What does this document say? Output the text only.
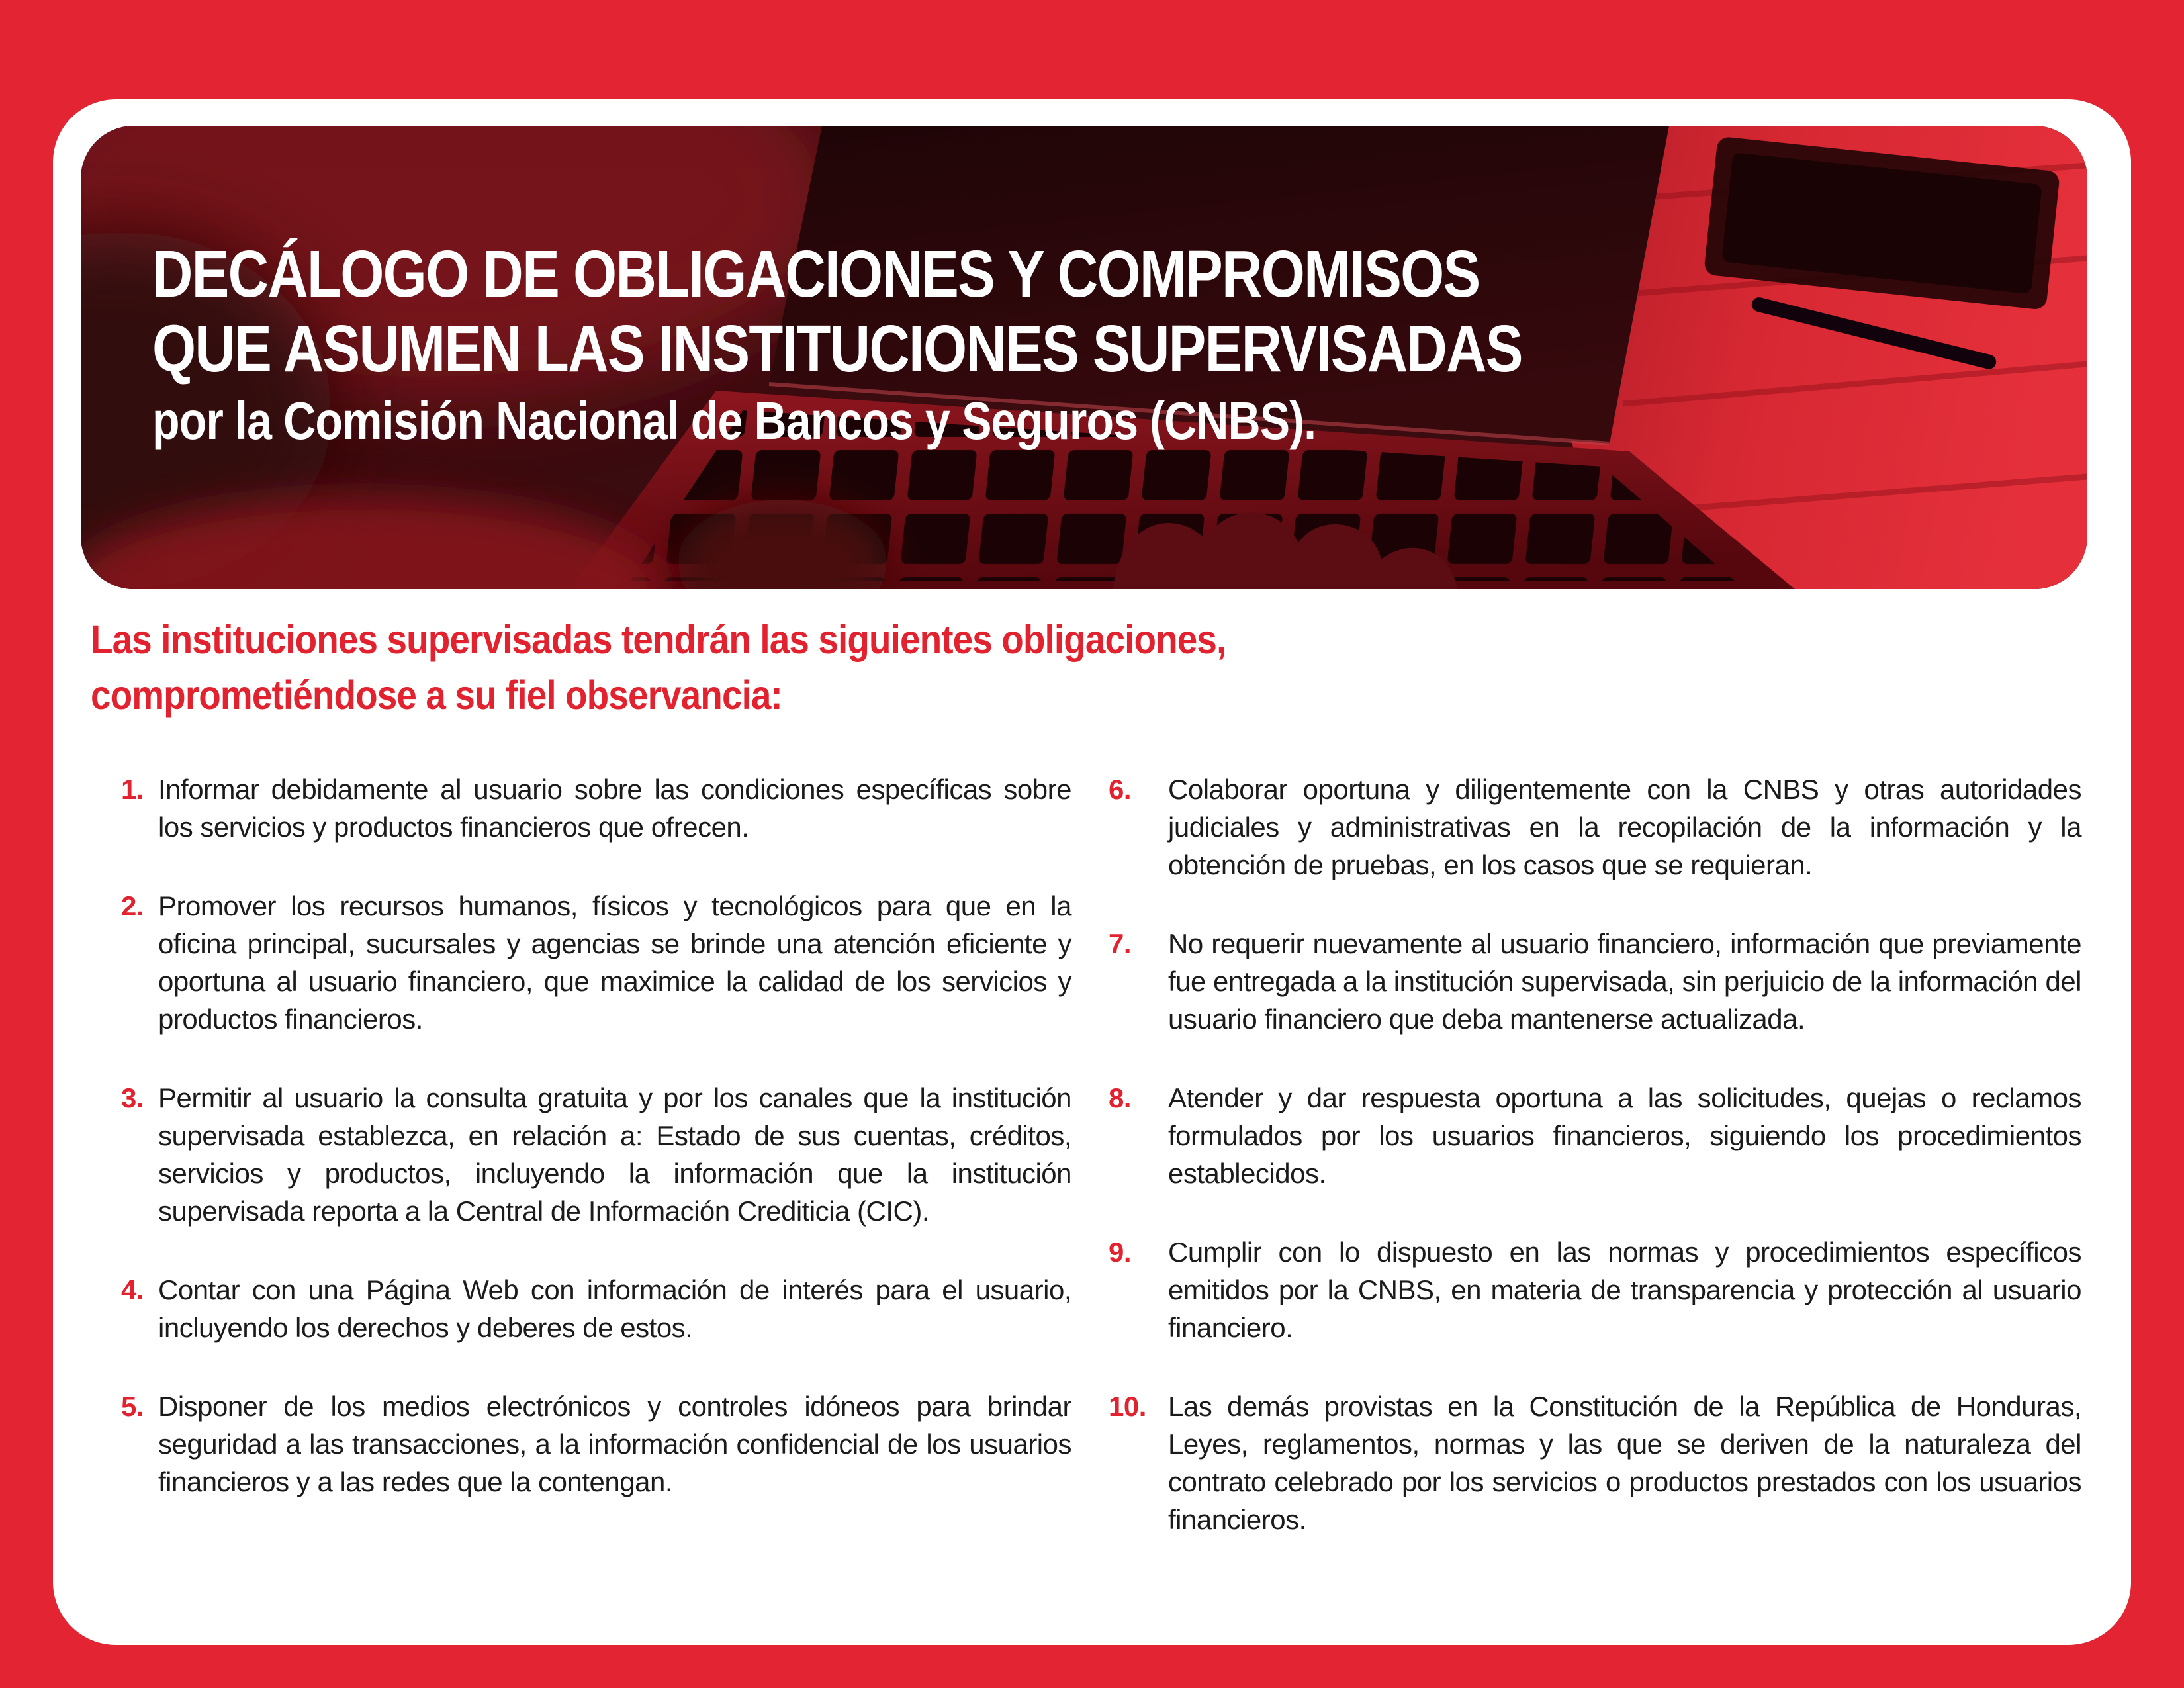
DECÁLOGO DE OBLIGACIONES Y COMPROMISOS
QUE ASUMEN LAS INSTITUCIONES SUPERVISADAS
por la Comisión Nacional de Bancos y Seguros (CNBS).
Las instituciones supervisadas tendrán las siguientes obligaciones,
comprometiéndose a su fiel observancia:
1. Informar debidamente al usuario sobre las condiciones específicas sobre los servicios y productos financieros que ofrecen.
2. Promover los recursos humanos, físicos y tecnológicos para que en la oficina principal, sucursales y agencias se brinde una atención eficiente y oportuna al usuario financiero, que maximice la calidad de los servicios y productos financieros.
3. Permitir al usuario la consulta gratuita y por los canales que la institución supervisada establezca, en relación a: Estado de sus cuentas, créditos, servicios y productos, incluyendo la información que la institución supervisada reporta a la Central de Información Crediticia (CIC).
4. Contar con una Página Web con información de interés para el usuario, incluyendo los derechos y deberes de estos.
5. Disponer de los medios electrónicos y controles idóneos para brindar seguridad a las transacciones, a la información confidencial de los usuarios financieros y a las redes que la contengan.
6.	Colaborar oportuna y diligentemente con la CNBS y otras autoridades judiciales y administrativas en la recopilación de la información y la obtención de pruebas, en los casos que se requieran.
7.	No requerir nuevamente al usuario financiero, información que previamente fue entregada a la institución supervisada, sin perjuicio de la información del usuario financiero que deba mantenerse actualizada.
8.	Atender y dar respuesta oportuna a las solicitudes, quejas o reclamos formulados por los usuarios financieros, siguiendo los procedimientos establecidos.
9.	Cumplir con lo dispuesto en las normas y procedimientos específicos emitidos por la CNBS, en materia de transparencia y protección al usuario financiero.
10. Las demás provistas en la Constitución de la República de Honduras, Leyes, reglamentos, normas y las que se deriven de la naturaleza del contrato celebrado por los servicios o productos prestados con los usuarios financieros.
